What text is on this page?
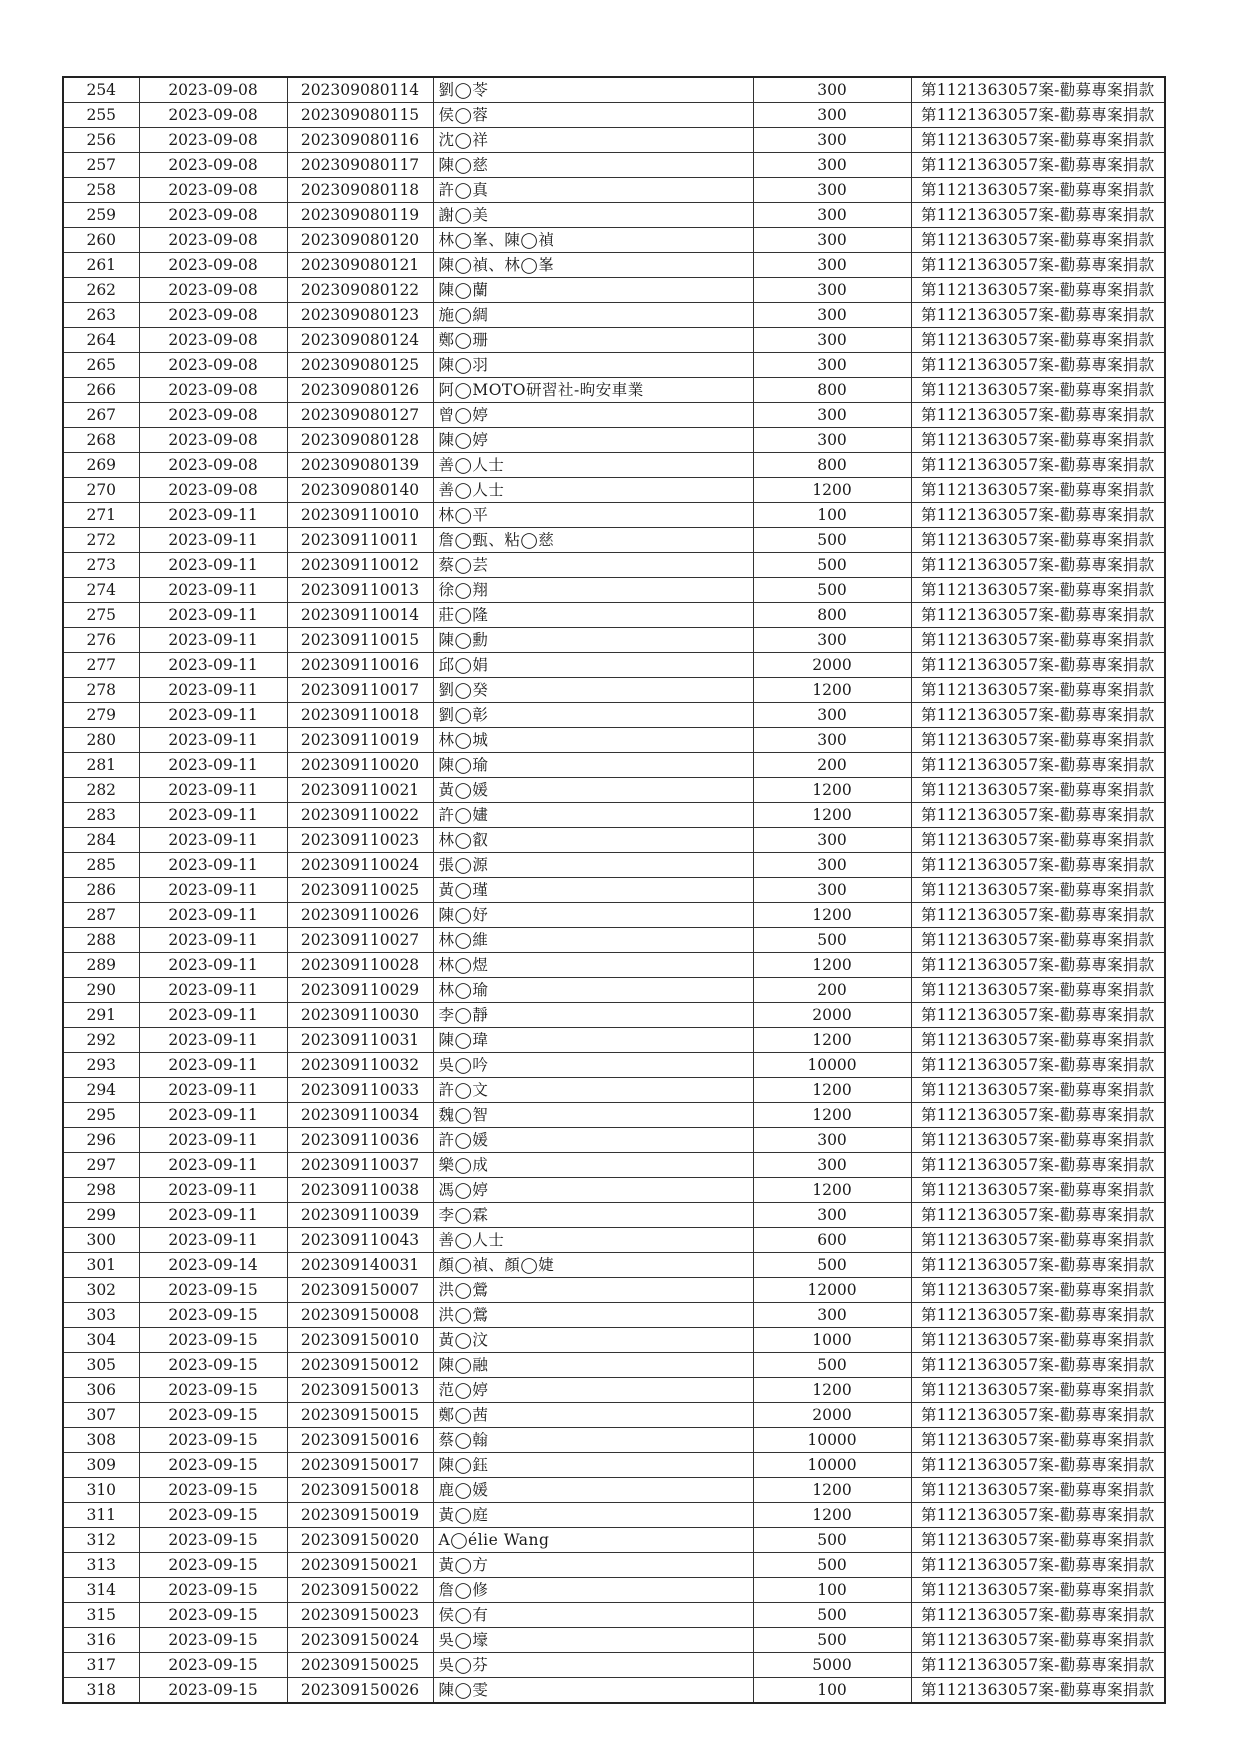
254	2023-09-08	202309080114	劉◯苓	300	第1121363057案-勸募專案捐款
255	2023-09-08	202309080115	侯◯蓉	300	第1121363057案-勸募專案捐款
256	2023-09-08	202309080116	沈◯祥	300	第1121363057案-勸募專案捐款
257	2023-09-08	202309080117	陳◯慈	300	第1121363057案-勸募專案捐款
258	2023-09-08	202309080118	許◯真	300	第1121363057案-勸募專案捐款
259	2023-09-08	202309080119	謝◯美	300	第1121363057案-勸募專案捐款
260	2023-09-08	202309080120	林◯峯、陳◯禎	300	第1121363057案-勸募專案捐款
261	2023-09-08	202309080121	陳◯禎、林◯峯	300	第1121363057案-勸募專案捐款
262	2023-09-08	202309080122	陳◯蘭	300	第1121363057案-勸募專案捐款
263	2023-09-08	202309080123	施◯綢	300	第1121363057案-勸募專案捐款
264	2023-09-08	202309080124	鄭◯珊	300	第1121363057案-勸募專案捐款
265	2023-09-08	202309080125	陳◯羽	300	第1121363057案-勸募專案捐款
266	2023-09-08	202309080126	阿◯MOTO研習社-昫安車業	800	第1121363057案-勸募專案捐款
267	2023-09-08	202309080127	曾◯婷	300	第1121363057案-勸募專案捐款
268	2023-09-08	202309080128	陳◯婷	300	第1121363057案-勸募專案捐款
269	2023-09-08	202309080139	善◯人士	800	第1121363057案-勸募專案捐款
270	2023-09-08	202309080140	善◯人士	1200	第1121363057案-勸募專案捐款
271	2023-09-11	202309110010	林◯平	100	第1121363057案-勸募專案捐款
272	2023-09-11	202309110011	詹◯甄、粘◯慈	500	第1121363057案-勸募專案捐款
273	2023-09-11	202309110012	蔡◯芸	500	第1121363057案-勸募專案捐款
274	2023-09-11	202309110013	徐◯翔	500	第1121363057案-勸募專案捐款
275	2023-09-11	202309110014	莊◯隆	800	第1121363057案-勸募專案捐款
276	2023-09-11	202309110015	陳◯勳	300	第1121363057案-勸募專案捐款
277	2023-09-11	202309110016	邱◯娟	2000	第1121363057案-勸募專案捐款
278	2023-09-11	202309110017	劉◯癸	1200	第1121363057案-勸募專案捐款
279	2023-09-11	202309110018	劉◯彰	300	第1121363057案-勸募專案捐款
280	2023-09-11	202309110019	林◯城	300	第1121363057案-勸募專案捐款
281	2023-09-11	202309110020	陳◯瑜	200	第1121363057案-勸募專案捐款
282	2023-09-11	202309110021	黃◯媛	1200	第1121363057案-勸募專案捐款
283	2023-09-11	202309110022	許◯嫿	1200	第1121363057案-勸募專案捐款
284	2023-09-11	202309110023	林◯叡	300	第1121363057案-勸募專案捐款
285	2023-09-11	202309110024	張◯源	300	第1121363057案-勸募專案捐款
286	2023-09-11	202309110025	黃◯瑾	300	第1121363057案-勸募專案捐款
287	2023-09-11	202309110026	陳◯妤	1200	第1121363057案-勸募專案捐款
288	2023-09-11	202309110027	林◯維	500	第1121363057案-勸募專案捐款
289	2023-09-11	202309110028	林◯煜	1200	第1121363057案-勸募專案捐款
290	2023-09-11	202309110029	林◯瑜	200	第1121363057案-勸募專案捐款
291	2023-09-11	202309110030	李◯靜	2000	第1121363057案-勸募專案捐款
292	2023-09-11	202309110031	陳◯瑋	1200	第1121363057案-勸募專案捐款
293	2023-09-11	202309110032	吳◯吟	10000	第1121363057案-勸募專案捐款
294	2023-09-11	202309110033	許◯文	1200	第1121363057案-勸募專案捐款
295	2023-09-11	202309110034	魏◯智	1200	第1121363057案-勸募專案捐款
296	2023-09-11	202309110036	許◯媛	300	第1121363057案-勸募專案捐款
297	2023-09-11	202309110037	樂◯成	300	第1121363057案-勸募專案捐款
298	2023-09-11	202309110038	馮◯婷	1200	第1121363057案-勸募專案捐款
299	2023-09-11	202309110039	李◯霖	300	第1121363057案-勸募專案捐款
300	2023-09-11	202309110043	善◯人士	600	第1121363057案-勸募專案捐款
301	2023-09-14	202309140031	顏◯禎、顏◯婕	500	第1121363057案-勸募專案捐款
302	2023-09-15	202309150007	洪◯鶯	12000	第1121363057案-勸募專案捐款
303	2023-09-15	202309150008	洪◯鶯	300	第1121363057案-勸募專案捐款
304	2023-09-15	202309150010	黃◯汶	1000	第1121363057案-勸募專案捐款
305	2023-09-15	202309150012	陳◯融	500	第1121363057案-勸募專案捐款
306	2023-09-15	202309150013	范◯婷	1200	第1121363057案-勸募專案捐款
307	2023-09-15	202309150015	鄭◯茜	2000	第1121363057案-勸募專案捐款
308	2023-09-15	202309150016	蔡◯翰	10000	第1121363057案-勸募專案捐款
309	2023-09-15	202309150017	陳◯鈺	10000	第1121363057案-勸募專案捐款
310	2023-09-15	202309150018	鹿◯媛	1200	第1121363057案-勸募專案捐款
311	2023-09-15	202309150019	黃◯庭	1200	第1121363057案-勸募專案捐款
312	2023-09-15	202309150020	A◯élie Wang	500	第1121363057案-勸募專案捐款
313	2023-09-15	202309150021	黃◯方	500	第1121363057案-勸募專案捐款
314	2023-09-15	202309150022	詹◯修	100	第1121363057案-勸募專案捐款
315	2023-09-15	202309150023	侯◯有	500	第1121363057案-勸募專案捐款
316	2023-09-15	202309150024	吳◯壕	500	第1121363057案-勸募專案捐款
317	2023-09-15	202309150025	吳◯芬	5000	第1121363057案-勸募專案捐款
318	2023-09-15	202309150026	陳◯雯	100	第1121363057案-勸募專案捐款
